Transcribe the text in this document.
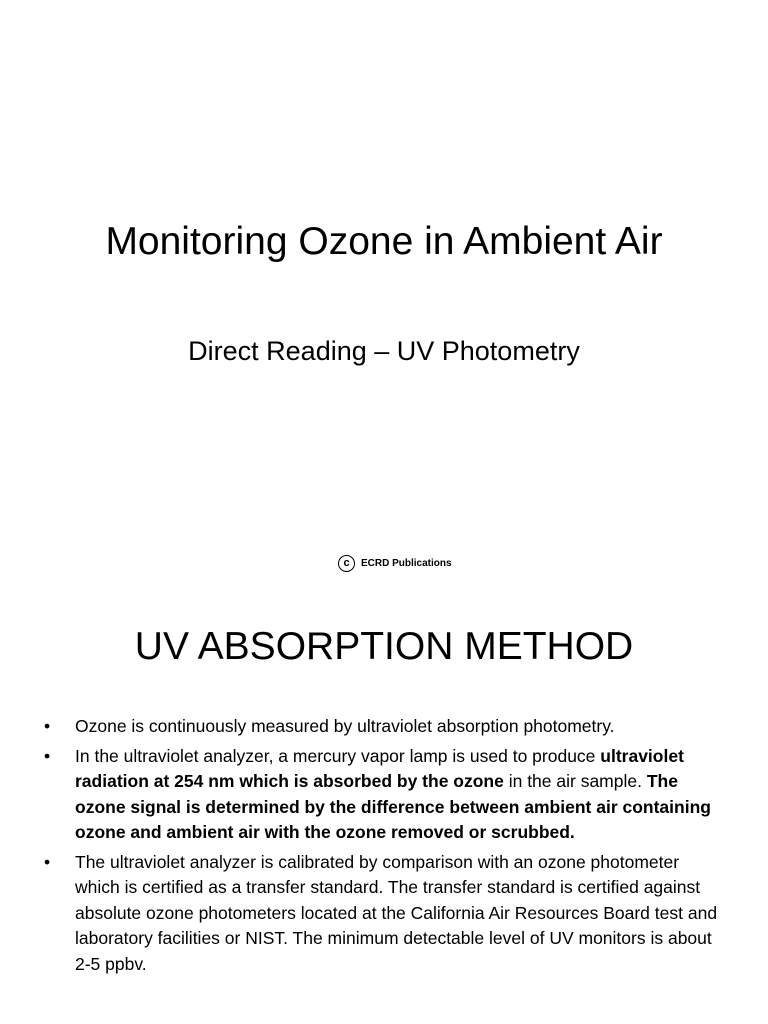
Monitoring Ozone in Ambient Air
Direct Reading – UV Photometry
c	ECRD Publications
UV ABSORPTION METHOD
• Ozone is continuously measured by ultraviolet absorption photometry.
• In the ultraviolet analyzer, a mercury vapor lamp is used to produce ultraviolet radiation at 254 nm which is absorbed by the ozone in the air sample. The ozone signal is determined by the difference between ambient air containing ozone and ambient air with the ozone removed or scrubbed.
• The ultraviolet analyzer is calibrated by comparison with an ozone photometer which is certified as a transfer standard. The transfer standard is certified against absolute ozone photometers located at the California Air Resources Board test and laboratory facilities or NIST. The minimum detectable level of UV monitors is about 2-5 ppbv.
